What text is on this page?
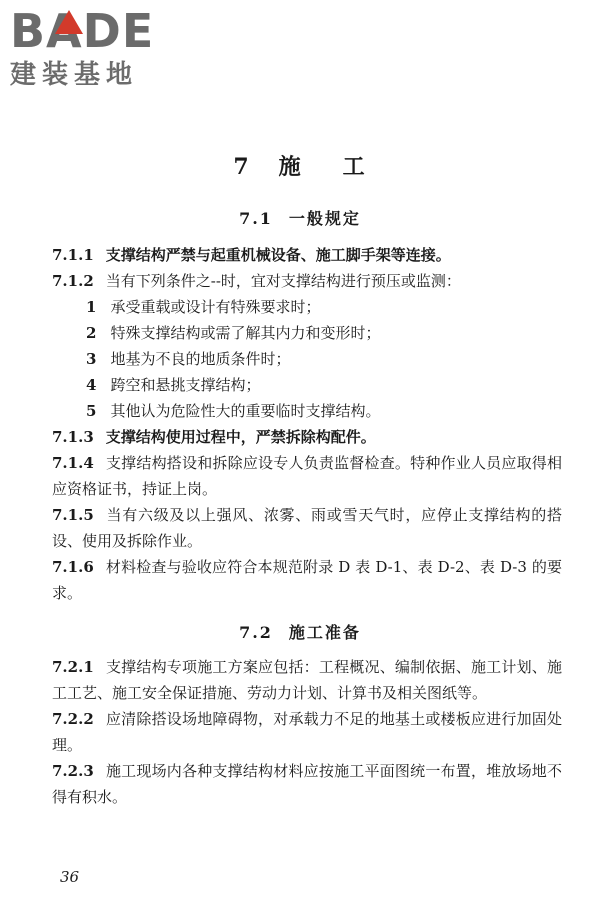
BADE
建装基地
7 施 工
7.1 一般规定

7.1.1 支撑结构严禁与起重机械设备、施工脚手架等连接。

7.1.2 当有下列条件之--时，宜对支撑结构进行预压或监测：

1 承受重载或设计有特殊要求时；

2 特殊支撑结构或需了解其内力和变形时；

3 地基为不良的地质条件时；

4 跨空和悬挑支撑结构；

5 其他认为危险性大的重要临时支撑结构。

7.1.3 支撑结构使用过程中，严禁拆除构配件。

7.1.4 支撑结构搭设和拆除应设专人负责监督检查。特种作业人员应取得相应资格证书，持证上岗。

7.1.5 当有六级及以上强风、浓雾、雨或雪天气时，应停止支撑结构的搭设、使用及拆除作业。

7.1.6 材料检查与验收应符合本规范附录 D 表 D-1、表 D-2、表 D-3 的要求。

7.2 施工准备

7.2.1 支撑结构专项施工方案应包括：工程概况、编制依据、施工计划、施工工艺、施工安全保证措施、劳动力计划、计算书及相关图纸等。

7.2.2 应清除搭设场地障碍物，对承载力不足的地基土或楼板应进行加固处理。

7.2.3 施工现场内各种支撑结构材料应按施工平面图统一布置，堆放场地不得有积水。

36
